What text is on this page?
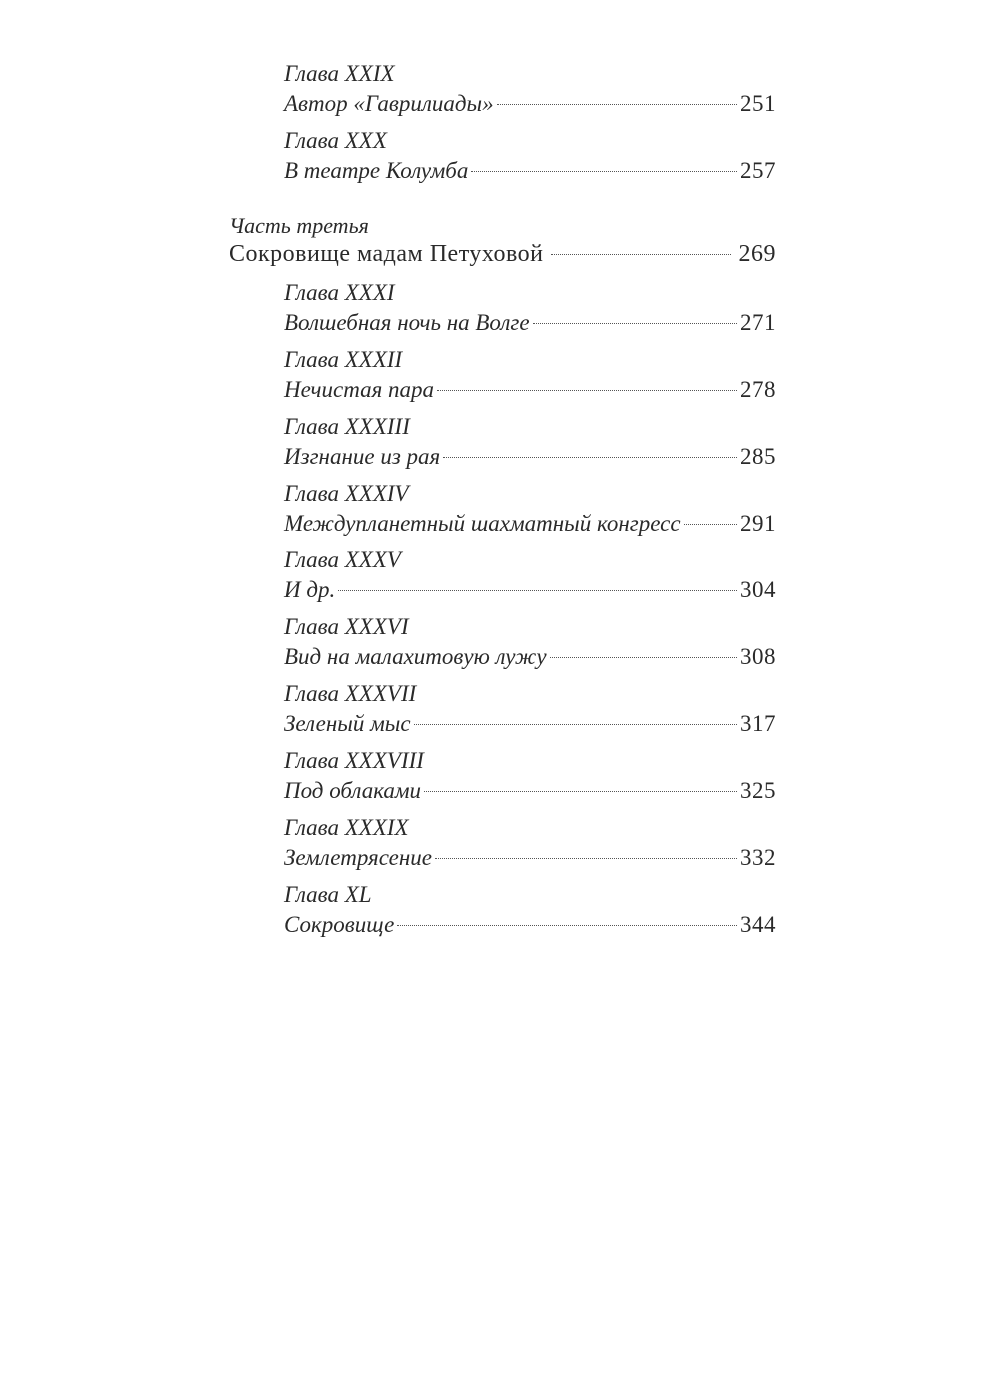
Глава XXIX
Автор «Гаврилиады»	251
Глава XXX
В театре Колумба	257
Часть третья
Сокровище мадам Петуховой	269
Глава XXXI
Волшебная ночь на Волге	271
Глава XXXII
Нечистая пара	278
Глава XXXIII
Изгнание из рая	285
Глава XXXIV
Междупланетный шахматный конгресс	291
Глава XXXV
И др.	304
Глава XXXVI
Вид на малахитовую лужу	308
Глава XXXVII
Зеленый мыс	317
Глава XXXVIII
Под облаками	325
Глава XXXIX
Землетрясение	332
Глава XL
Сокровище	344
